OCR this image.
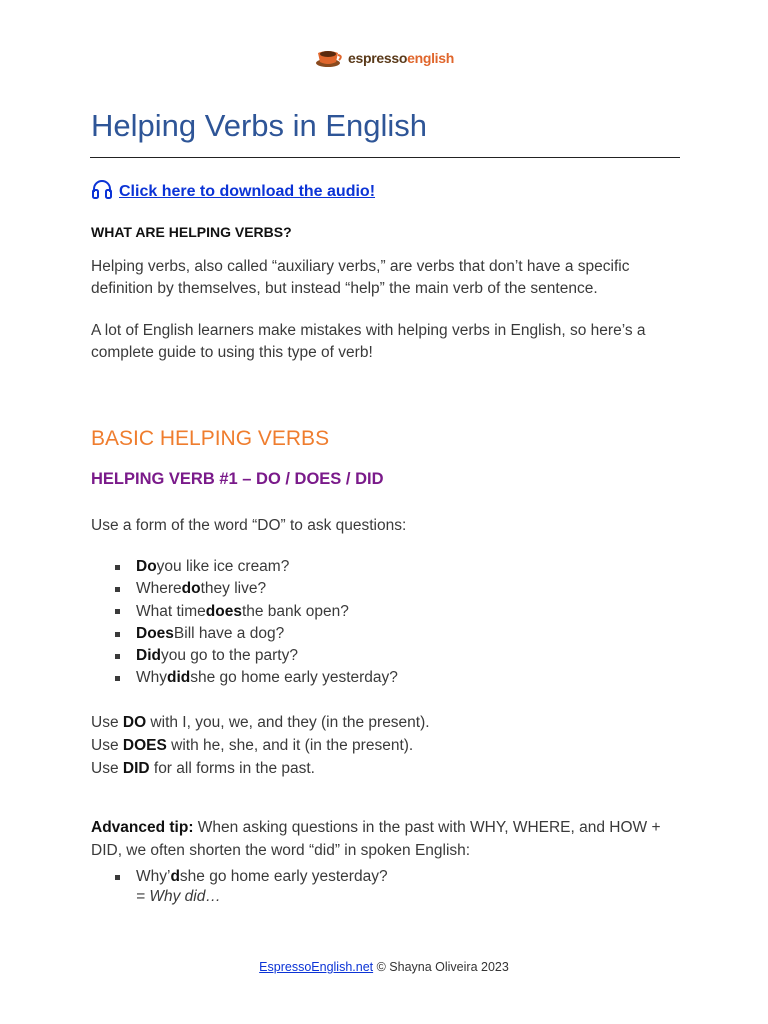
espressoenglish
Helping Verbs in English
Click here to download the audio!
WHAT ARE HELPING VERBS?

Helping verbs, also called “auxiliary verbs,” are verbs that don’t have a specific definition by themselves, but instead “help” the main verb of the sentence.

A lot of English learners make mistakes with helping verbs in English, so here’s a complete guide to using this type of verb!

BASIC HELPING VERBS
HELPING VERB #1 – DO / DOES / DID

Use a form of the word “DO” to ask questions:

Do you like ice cream?
Where do they live?
What time does the bank open?
Does Bill have a dog?
Did you go to the party?
Why did she go home early yesterday?
Use DO with I, you, we, and they (in the present).
Use DOES with he, she, and it (in the present).
Use DID for all forms in the past.

Advanced tip: When asking questions in the past with WHY, WHERE, and HOW + DID, we often shorten the word “did” in spoken English:

Why’ d she go home early yesterday?
= Why did…
EspressoEnglish.net © Shayna Oliveira 2023
